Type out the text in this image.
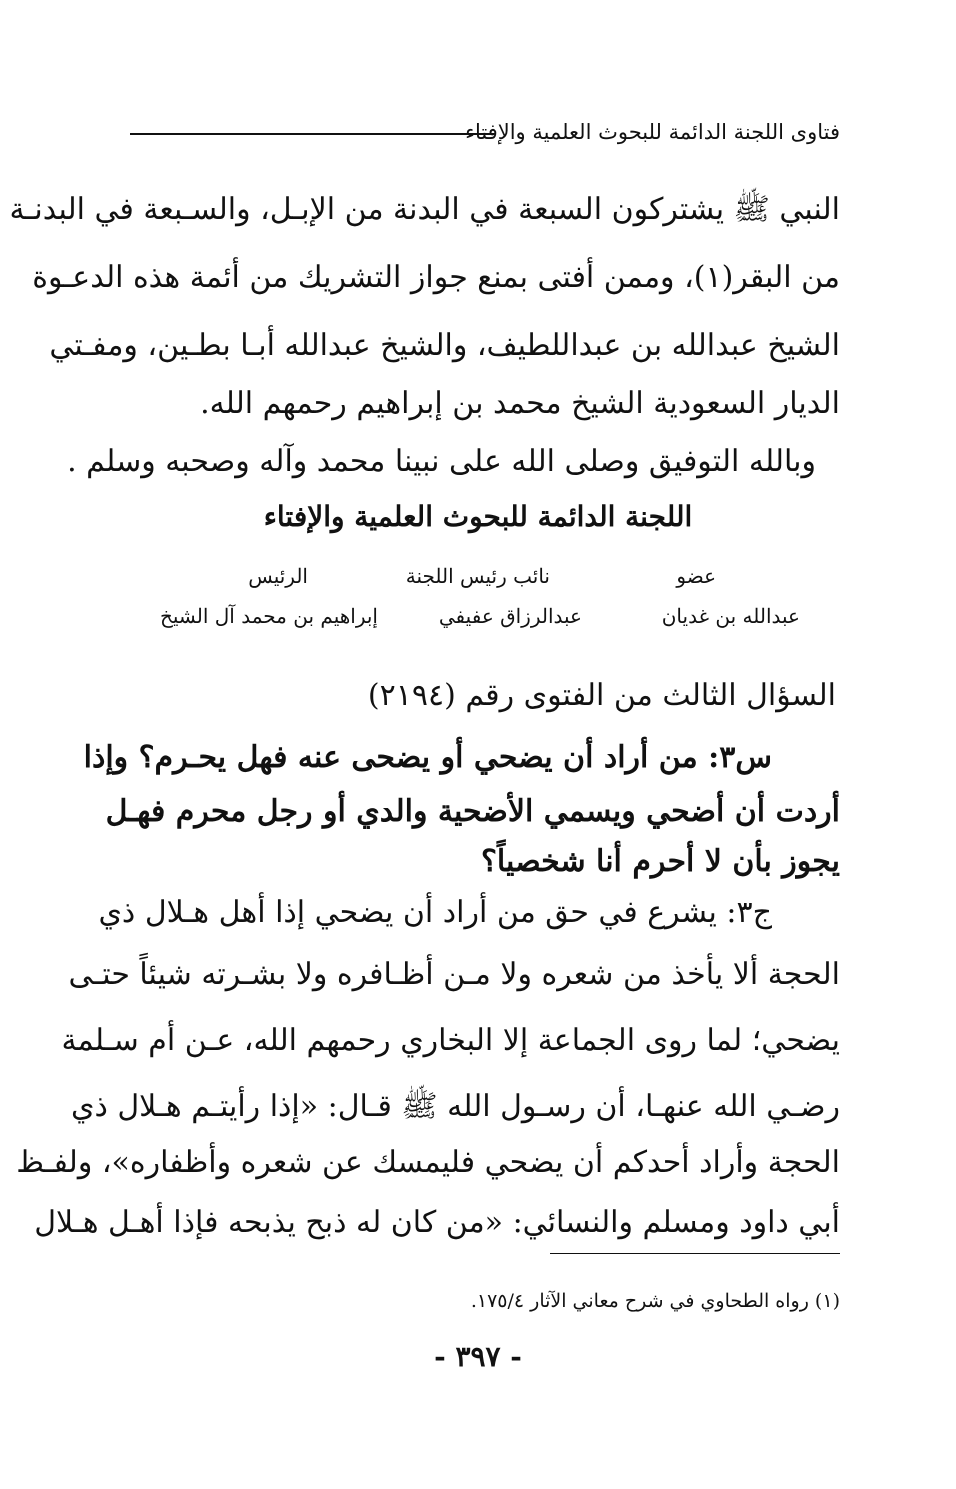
فتاوى اللجنة الدائمة للبحوث العلمية والإفتاء
النبي ﷺ يشتركون السبعة في البدنة من الإبـل، والسـبعة في البدنـة
من البقر(١)، وممن أفتى بمنع جواز التشريك من أئمة هذه الدعـوة
الشيخ عبدالله بن عبداللطيف، والشيخ عبدالله أبـا بطـين، ومفـتي
الديار السعودية الشيخ محمد بن إبراهيم رحمهم الله.
وبالله التوفيق وصلى الله على نبينا محمد وآله وصحبه وسلم .
اللجنة الدائمة للبحوث العلمية والإفتاء
عضو
عبدالله بن غديان
نائب رئيس اللجنة
عبدالرزاق عفيفي
الرئيس
إبراهيم بن محمد آل الشيخ
السؤال الثالث من الفتوى رقم (٢١٩٤)
س٣: من أراد أن يضحي أو يضحى عنه فهل يحـرم؟ وإذا
أردت أن أضحي ويسمي الأضحية والدي أو رجل محرم فهـل
يجوز بأن لا أحرم أنا شخصياً؟
ج٣: يشرع في حق من أراد أن يضحي إذا أهل هـلال ذي
الحجة ألا يأخذ من شعره ولا مـن أظـافره ولا بشـرته شيئاً حتـى
يضحي؛ لما روى الجماعة إلا البخاري رحمهم الله، عـن أم سـلمة
رضـي الله عنهـا، أن رسـول الله ﷺ قـال: «إذا رأيتـم هـلال ذي
الحجة وأراد أحدكم أن يضحي فليمسك عن شعره وأظفاره»، ولفـظ
أبي داود ومسلم والنسائي: «من كان له ذبح يذبحه فإذا أهـل هـلال
(١) رواه الطحاوي في شرح معاني الآثار ١٧٥/٤.
- ٣٩٧ -
